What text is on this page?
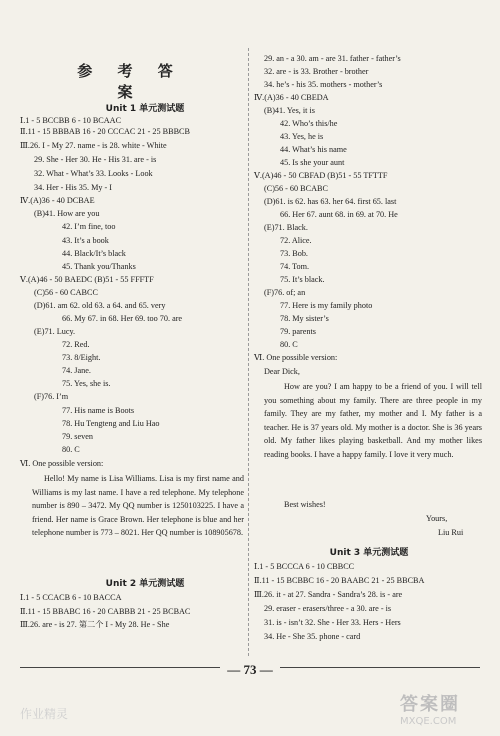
参 考 答 案
Unit 1 单元测试题
Ⅰ.1 - 5 BCCBB 6 - 10 BCAAC
Ⅱ.11 - 15 BBBAB 16 - 20 CCCAC 21 - 25 BBBCB
Ⅲ.26. I - My 27. name - is 28. white - White
29. She - Her 30. He - His 31. are - is
32. What - What’s 33. Looks - Look
34. Her - His 35. My - I
Ⅳ.(A)36 - 40 DCBAE
(B)41. How are you
42. I’m fine, too
43. It’s a book
44. Black/It’s black
45. Thank you/Thanks
Ⅴ.(A)46 - 50 BAEDC (B)51 - 55 FFFTF
(C)56 - 60 CABCC
(D)61. am 62. old 63. a 64. and 65. very
66. My 67. in 68. Her 69. too 70. are
(E)71. Lucy.
72. Red.
73. 8/Eight.
74. Jane.
75. Yes, she is.
(F)76. I’m
77. His name is Boots
78. Hu Tengteng and Liu Hao
79. seven
80. C
Ⅵ. One possible version:
Hello! My name is Lisa Williams. Lisa is my first name and Williams is my last name. I have a red telephone. My telephone number is 890 – 3472. My QQ number is 1250103225. I have a friend. Her name is Grace Brown. Her telephone is blue and her telephone number is 773 – 8021. Her QQ number is 108905678.
Unit 2 单元测试题
Ⅰ.1 - 5 CCACB 6 - 10 BACCA
Ⅱ.11 - 15 BBABC 16 - 20 CABBB 21 - 25 BCBAC
Ⅲ.26. are - is 27. 第二个 I - My 28. He - She
29. an - a 30. am - are 31. father - father’s
32. are - is 33. Brother - brother
34. he’s - his 35. mothers - mother’s
Ⅳ.(A)36 - 40 CBEDA
(B)41. Yes, it is
42. Who’s this/he
43. Yes, he is
44. What’s his name
45. Is she your aunt
Ⅴ.(A)46 - 50 CBFAD (B)51 - 55 TFTTF
(C)56 - 60 BCABC
(D)61. is 62. has 63. her 64. first 65. last
66. Her 67. aunt 68. in 69. at 70. He
(E)71. Black.
72. Alice.
73. Bob.
74. Tom.
75. It’s black.
(F)76. of; an
77. Here is my family photo
78. My sister’s
79. parents
80. C
Ⅵ. One possible version:
Dear Dick,
How are you? I am happy to be a friend of you. I will tell you something about my family. There are three people in my family. They are my father, my mother and I. My father is a teacher. He is 37 years old. My mother is a doctor. She is 36 years old. My father likes playing basketball. And my mother likes reading books. I have a happy family. I love it very much.
Best wishes!
Yours,
Liu Rui
Unit 3 单元测试题
Ⅰ.1 - 5 BCCCA 6 - 10 CBBCC
Ⅱ.11 - 15 BCBBC 16 - 20 BAABC 21 - 25 BBCBA
Ⅲ.26. it - at 27. Sandra - Sandra’s 28. is - are
29. eraser - erasers/three - a 30. are - is
31. is - isn’t 32. She - Her 33. Hers - Hers
34. He - She 35. phone - card
— 73 —
作业精灵	答案圈
MXQE.COM
